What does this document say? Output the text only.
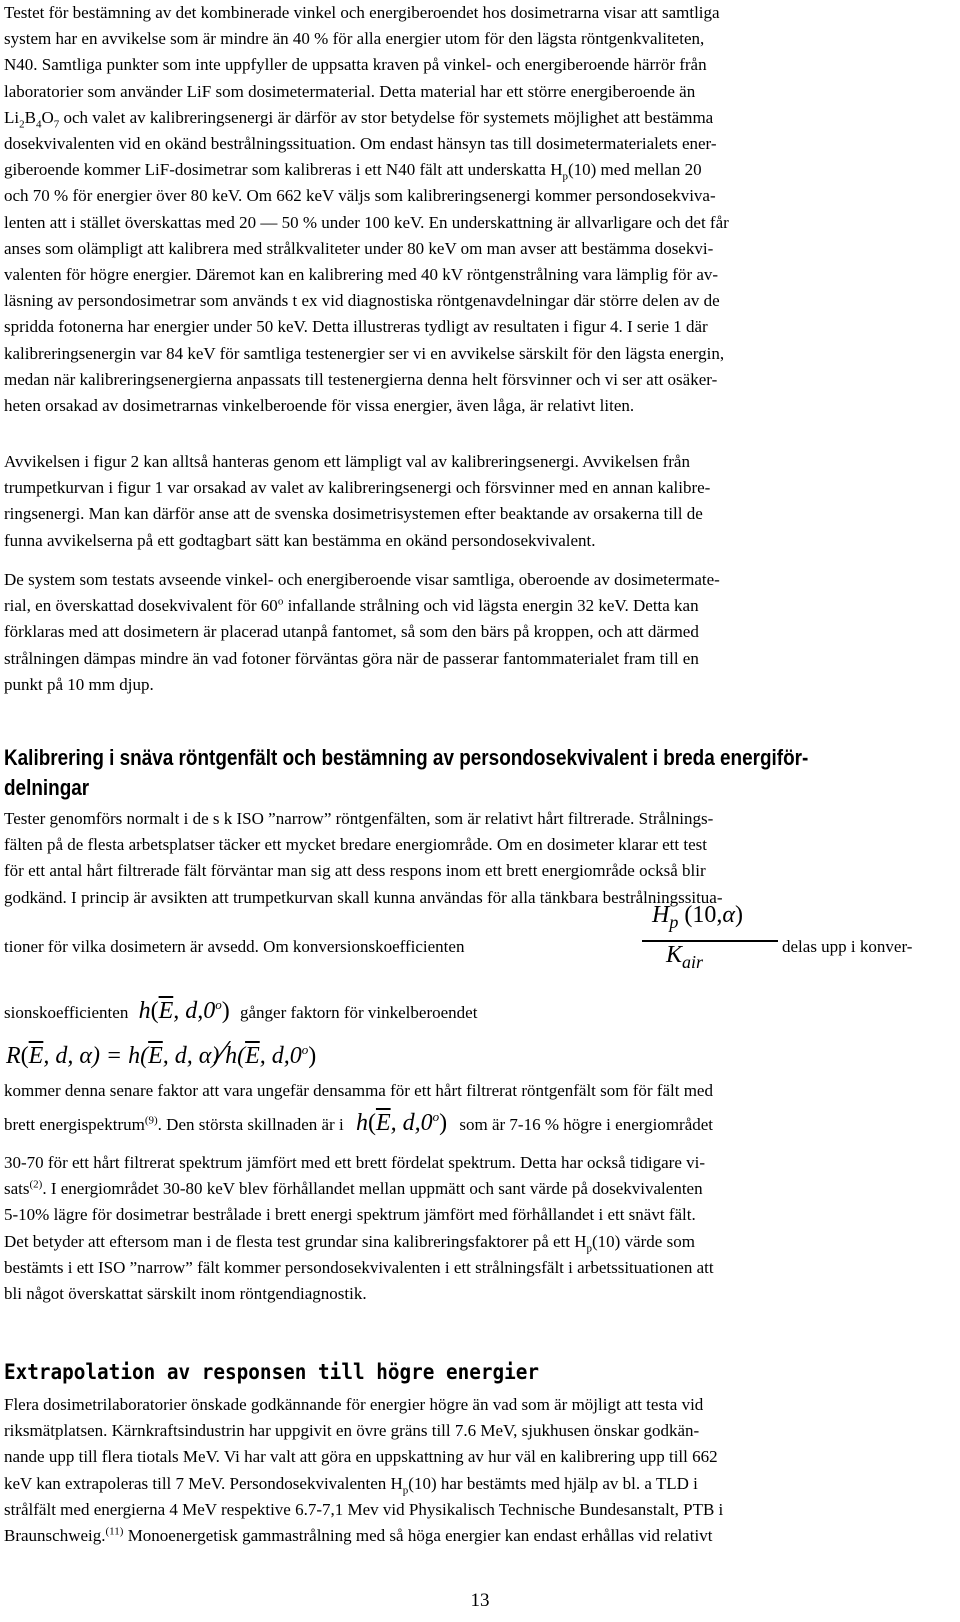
Testet för bestämning av det kombinerade vinkel och energiberoendet hos dosimetrarna visar att samtliga
system har en avvikelse som är mindre än 40 % för alla energier utom för den lägsta röntgenkvaliteten,
N40. Samtliga punkter som inte uppfyller de uppsatta kraven på vinkel- och energiberoende härrör från
laboratorier som använder LiF som dosimetermaterial. Detta material har ett större energiberoende än
$Li_2B_4O_7$ och valet av kalibreringsenergi är därför av stor betydelse för systemets möjlighet att bestämma
dosekvivalenten vid en okänd bestrålningssituation. Om endast hänsyn tas till dosimetermaterialets ener-
giberoende kommer LiF-dosimetrar som kalibreras i ett N40 fält att underskatta $H_p(10)$ med mellan 20
och 70 % för energier över 80 keV. Om 662 keV väljs som kalibreringsenergi kommer persondosekviva-
lenten att i stället överskattas med 20 — 50 % under 100 keV. En underskattning är allvarligare och det får
anses som olämpligt att kalibrera med strålkvaliteter under 80 keV om man avser att bestämma dosekvi-
valenten för högre energier. Däremot kan en kalibrering med 40 kV röntgenstrålning vara lämplig för av-
läsning av persondosimetrar som används t ex vid diagnostiska röntgenavdelningar där större delen av de
spridda fotonerna har energier under 50 keV. Detta illustreras tydligt av resultaten i figur 4. I serie 1 där
kalibreringsenergin var 84 keV för samtliga testenergier ser vi en avvikelse särskilt för den lägsta energin,
medan när kalibreringsenergierna anpassats till testenergierna denna helt försvinner och vi ser att osäker-
heten orsakad av dosimetrarnas vinkelberoende för vissa energier, även låga, är relativt liten.
Avvikelsen i figur 2 kan alltså hanteras genom ett lämpligt val av kalibreringsenergi. Avvikelsen från
trumpetkurvan i figur 1 var orsakad av valet av kalibreringsenergi och försvinner med en annan kalibre-
ringsenergi. Man kan därför anse att de svenska dosimetrisystemen efter beaktande av orsakerna till de
funna avvikelserna på ett godtagbart sätt kan bestämma en okänd persondosekvivalent.
De system som testats avseende vinkel- och energiberoende visar samtliga, oberoende av dosimetermate-
rial, en överskattad dosekvivalent för 60$^o$ infallande strålning och vid lägsta energin 32 keV. Detta kan
förklaras med att dosimetern är placerad utanpå fantomet, så som den bärs på kroppen, och att därmed
strålningen dämpas mindre än vad fotoner förväntas göra när de passerar fantommaterialet fram till en
punkt på 10 mm djup.
Kalibrering i snäva röntgenfält och bestämning av persondosekvivalent i breda energiför-
delningar
Tester genomförs normalt i de s k ISO ”narrow” röntgenfälten, som är relativt hårt filtrerade. Strålnings-
fälten på de flesta arbetsplatser täcker ett mycket bredare energiområde. Om en dosimeter klarar ett test
för ett antal hårt filtrerade fält förväntar man sig att dess respons inom ett brett energiområde också blir
godkänd. I princip är avsikten att trumpetkurvan skall kunna användas för alla tänkbara bestrålningssitua-
tioner för vilka dosimetern är avsedd. Om konversionskoefficienten
$H_p$ (10,α)
$K_{air}$
delas upp i konver-
sionskoefficienten $h(\overline{E}$, d,0$^o$) gånger faktorn för vinkelberoendet
$R(\overline{E}$, d, $\alpha) = h(\overline{E}$, d, $\alpha)⁄h(\overline{E}$, d,0$^o$)
kommer denna senare faktor att vara ungefär densamma för ett hårt filtrerat röntgenfält som för fält med
brett energispektrum$^{(9)}$. Den största skillnaden är i $h(\overline{E}$, d,0$^o$) som är 7-16 % högre i energiområdet
30-70 för ett hårt filtrerat spektrum jämfört med ett brett fördelat spektrum. Detta har också tidigare vi-
sats$^{(2)}$. I energiområdet 30-80 keV blev förhållandet mellan uppmätt och sant värde på dosekvivalenten
5-10% lägre för dosimetrar bestrålade i brett energi spektrum jämfört med förhållandet i ett snävt fält.
Det betyder att eftersom man i de flesta test grundar sina kalibreringsfaktorer på ett $H_p(10)$ värde som
bestämts i ett ISO ”narrow” fält kommer persondosekvivalenten i ett strålningsfält i arbetssituationen att
bli något överskattat särskilt inom röntgendiagnostik.
Extrapolation av responsen till högre energier
Flera dosimetrilaboratorier önskade godkännande för energier högre än vad som är möjligt att testa vid
riksmätplatsen. Kärnkraftsindustrin har uppgivit en övre gräns till 7.6 MeV, sjukhusen önskar godkän-
nande upp till flera tiotals MeV. Vi har valt att göra en uppskattning av hur väl en kalibrering upp till 662
keV kan extrapoleras till 7 MeV. Persondosekvivalenten $H_p(10)$ har bestämts med hjälp av bl. a TLD i
strålfält med energierna 4 MeV respektive 6.7-7,1 Mev vid Physikalisch Technische Bundesanstalt, PTB i
Braunschweig.$^{(11)}$ Monoenergetisk gammastrålning med så höga energier kan endast erhållas vid relativt
13
